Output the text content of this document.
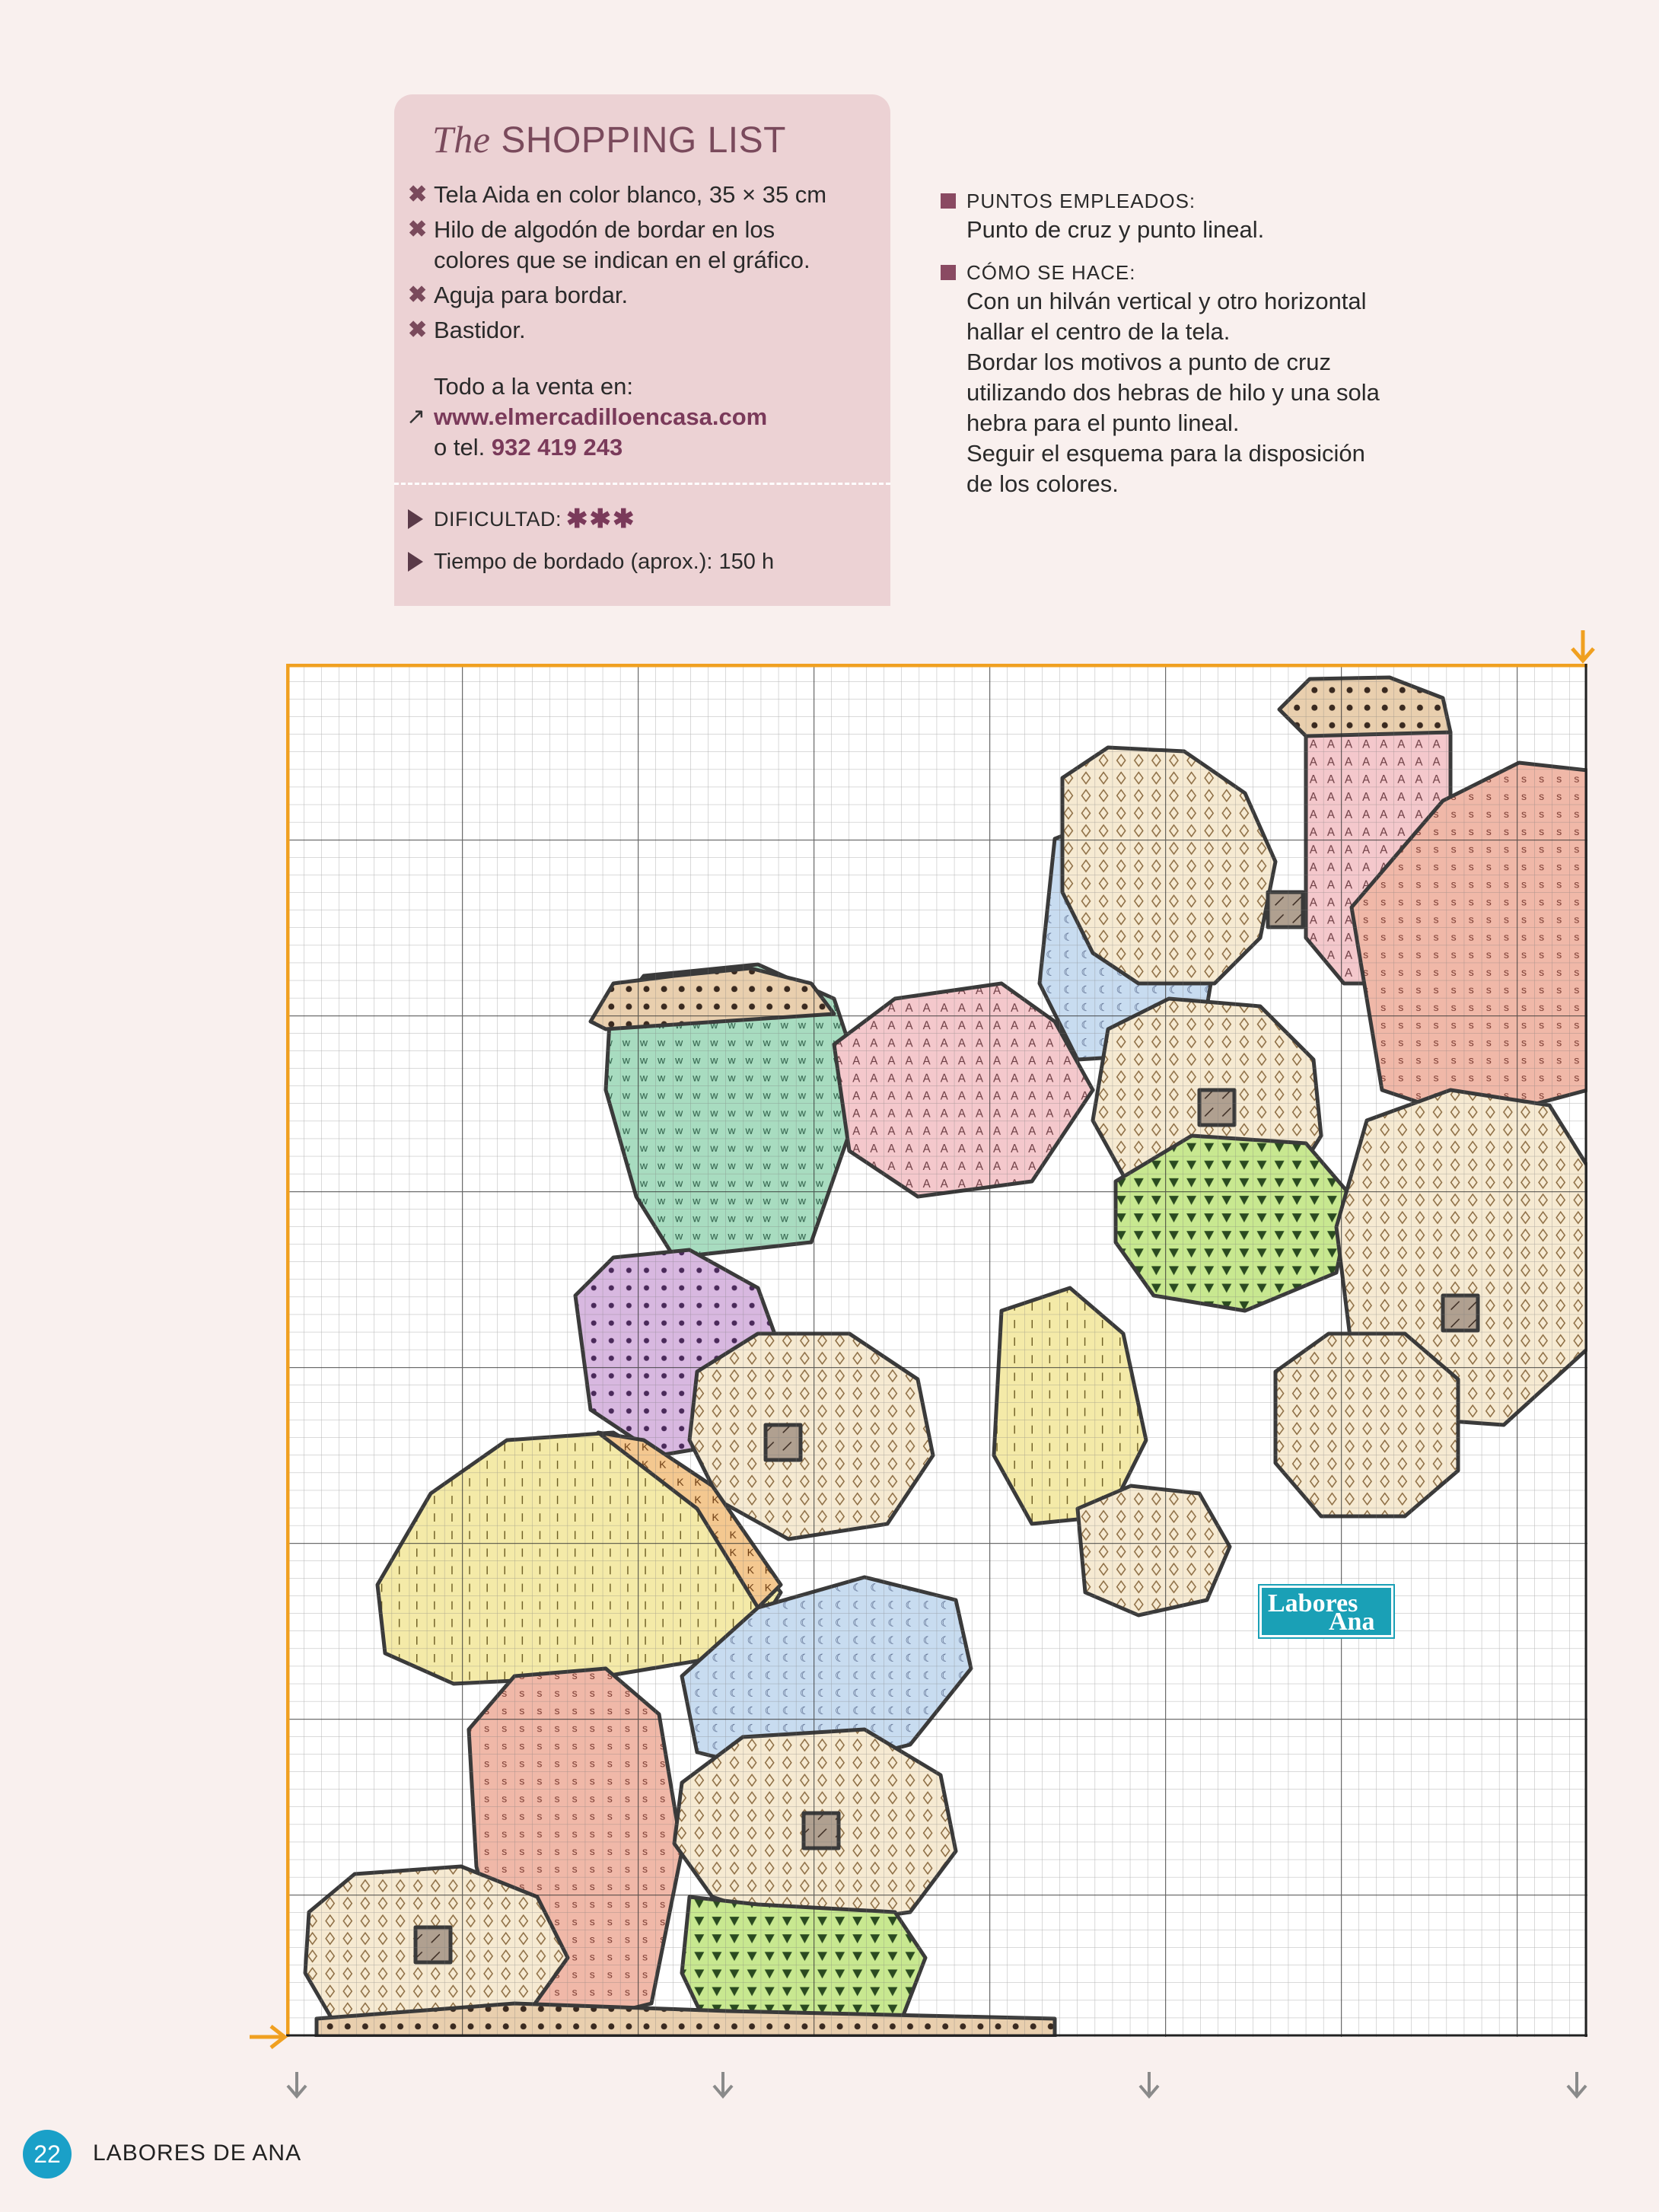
The SHOPPING LIST
✖ Tela Aida en color blanco, 35 × 35 cm
✖ Hilo de algodón de bordar en los
colores que se indican en el gráfico.
✖ Aguja para bordar.
✖ Bastidor.
Todo a la venta en:
↗ www.elmercadilloencasa.com
o tel. 932 419 243
DIFICULTAD: ✱✱✱
Tiempo de bordado (aprox.): 150 h
PUNTOS EMPLEADOS:
Punto de cruz y punto lineal.
CÓMO SE HACE:
Con un hilván vertical y otro horizontal
hallar el centro de la tela.
Bordar los motivos a punto de cruz
utilizando dos hebras de hilo y una sola
hebra para el punto lineal.
Seguir el esquema para la disposición
de los colores.
Labores
Ana
22	LABORES DE ANA
